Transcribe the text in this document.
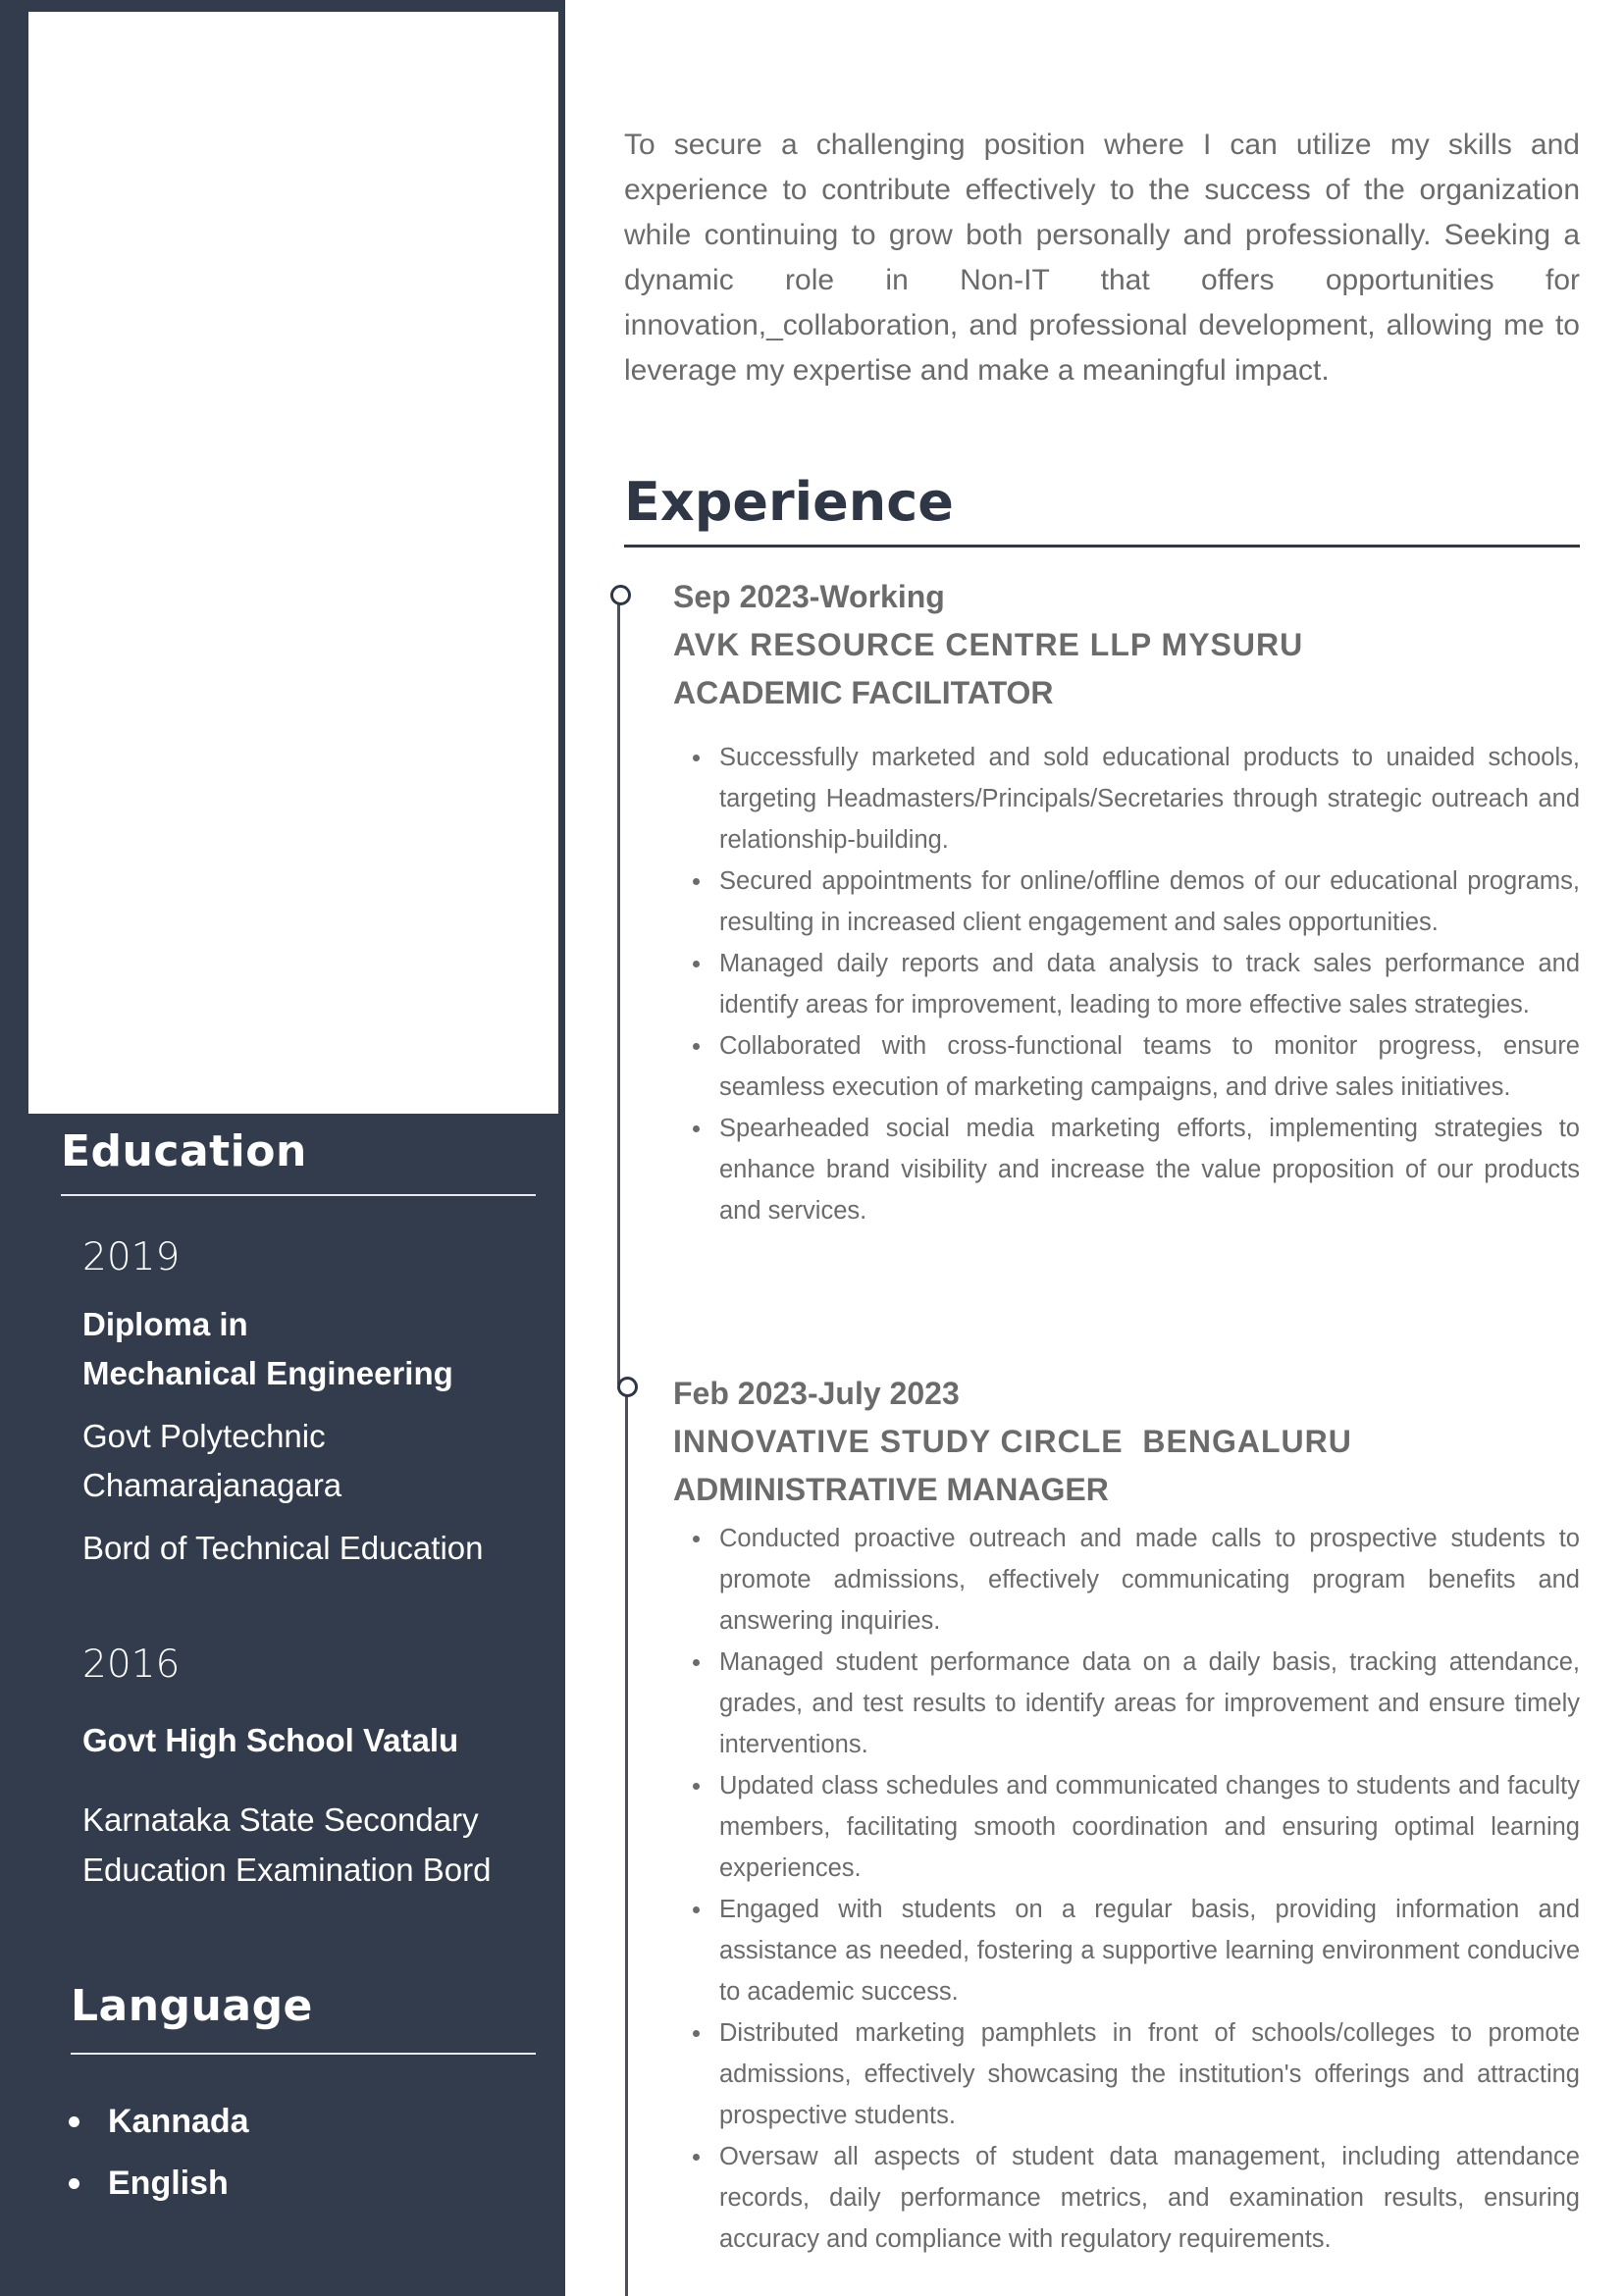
Education
2019
Diploma in
Mechanical Engineering
Govt Polytechnic
Chamarajanagara
Bord of Technical Education
2016
Govt High School Vatalu
Karnataka State Secondary
Education Examination Bord
Language
Kannada
English

To secure a challenging position where I can utilize my skills and experience to contribute effectively to the success of the organization while continuing to grow both personally and professionally. Seeking a dynamic role in Non-IT that offers opportunities for innovation,_collaboration, and professional development, allowing me to leverage my expertise and make a meaningful impact.

Experience
Sep 2023-Working
AVK RESOURCE CENTRE LLP MYSURU
ACADEMIC FACILITATOR
Successfully marketed and sold educational products to unaided schools, targeting Headmasters/Principals/Secretaries through strategic outreach and relationship-building.
Secured appointments for online/offline demos of our educational programs, resulting in increased client engagement and sales opportunities.
Managed daily reports and data analysis to track sales performance and identify areas for improvement, leading to more effective sales strategies.
Collaborated with cross-functional teams to monitor progress, ensure seamless execution of marketing campaigns, and drive sales initiatives.
Spearheaded social media marketing efforts, implementing strategies to enhance brand visibility and increase the value proposition of our products and services.
Feb 2023-July 2023
INNOVATIVE STUDY CIRCLE  BENGALURU
ADMINISTRATIVE MANAGER
Conducted proactive outreach and made calls to prospective students to promote admissions, effectively communicating program benefits and answering inquiries.
Managed student performance data on a daily basis, tracking attendance, grades, and test results to identify areas for improvement and ensure timely interventions.
Updated class schedules and communicated changes to students and faculty members, facilitating smooth coordination and ensuring optimal learning experiences.
Engaged with students on a regular basis, providing information and assistance as needed, fostering a supportive learning environment conducive to academic success.
Distributed marketing pamphlets in front of schools/colleges to promote admissions, effectively showcasing the institution's offerings and attracting prospective students.
Oversaw all aspects of student data management, including attendance records, daily performance metrics, and examination results, ensuring accuracy and compliance with regulatory requirements.
